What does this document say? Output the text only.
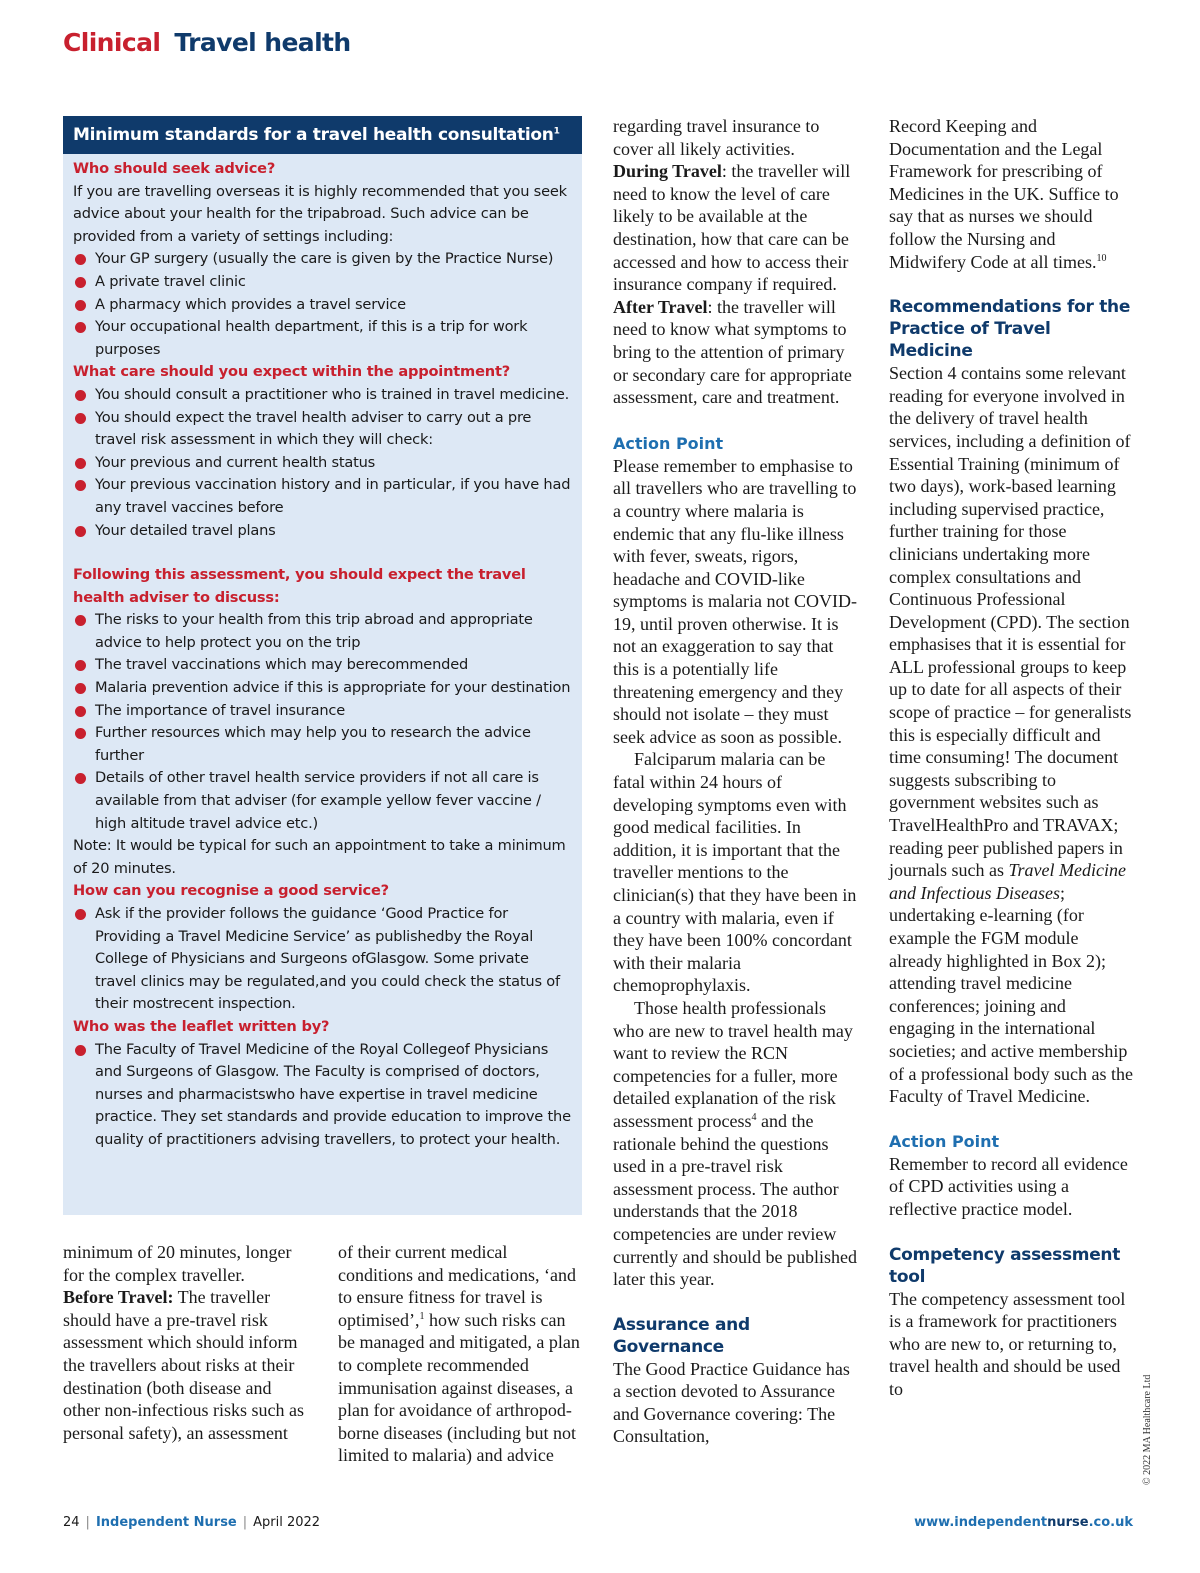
Clinical Travel health
Minimum standards for a travel health consultation$^1$
Who should seek advice?
If you are travelling overseas it is highly recommended that you seek advice about your health for the tripabroad. Such advice can be provided from a variety of settings including:
Your GP surgery (usually the care is given by the Practice Nurse)
A private travel clinic
A pharmacy which provides a travel service
Your occupational health department, if this is a trip for work purposes
What care should you expect within the appointment?
You should consult a practitioner who is trained in travel medicine.
You should expect the travel health adviser to carry out a pre travel risk assessment in which they will check:
Your previous and current health status
Your previous vaccination history and in particular, if you have had any travel vaccines before
Your detailed travel plans
Following this assessment, you should expect the travel health adviser to discuss:
The risks to your health from this trip abroad and appropriate advice to help protect you on the trip
The travel vaccinations which may berecommended
Malaria prevention advice if this is appropriate for your destination
The importance of travel insurance
Further resources which may help you to research the advice further
Details of other travel health service providers if not all care is available from that adviser (for example yellow fever vaccine / high altitude travel advice etc.)
Note: It would be typical for such an appointment to take a minimum of 20 minutes.
How can you recognise a good service?
Ask if the provider follows the guidance ‘Good Practice for Providing a Travel Medicine Service’ as publishedby the Royal College of Physicians and Surgeons ofGlasgow. Some private travel clinics may be regulated,and you could check the status of their mostrecent inspection.
Who was the leaflet written by?
The Faculty of Travel Medicine of the Royal Collegeof Physicians and Surgeons of Glasgow. The Faculty is comprised of doctors, nurses and pharmacistswho have expertise in travel medicine practice. They set standards and provide education to improve the quality of practitioners advising travellers, to protect your health.

minimum of 20 minutes, longer for the complex traveller.

Before Travel: The traveller should have a pre-travel risk assessment which should inform the travellers about risks at their destination (both disease and other non-infectious risks such as personal safety), an assessment

of their current medical conditions and medications, ‘and to ensure fitness for travel is optimised’,$^1$ how such risks can be managed and mitigated, a plan to complete recommended immunisation against diseases, a plan for avoidance of arthropod-borne diseases (including but not limited to malaria) and advice

regarding travel insurance to cover all likely activities.

During Travel: the traveller will need to know the level of care likely to be available at the destination, how that care can be accessed and how to access their insurance company if required.

After Travel: the traveller will need to know what symptoms to bring to the attention of primary or secondary care for appropriate assessment, care and treatment.

Action Point

Please remember to emphasise to all travellers who are travelling to a country where malaria is endemic that any flu-like illness with fever, sweats, rigors, headache and COVID-like symptoms is malaria not COVID-19, until proven otherwise. It is not an exaggeration to say that this is a potentially life threatening emergency and they should not isolate – they must seek advice as soon as possible.

Falciparum malaria can be fatal within 24 hours of developing symptoms even with good medical facilities. In addition, it is important that the traveller mentions to the clinician(s) that they have been in a country with malaria, even if they have been 100% concordant with their malaria chemoprophylaxis.

Those health professionals who are new to travel health may want to review the RCN competencies for a fuller, more detailed explanation of the risk assessment process$^4$ and the rationale behind the questions used in a pre-travel risk assessment process. The author understands that the 2018 competencies are under review currently and should be published later this year.

Assurance and Governance

The Good Practice Guidance has a section devoted to Assurance and Governance covering: The Consultation,

Record Keeping and Documentation and the Legal Framework for prescribing of Medicines in the UK. Suffice to say that as nurses we should follow the Nursing and Midwifery Code at all times.$^{10}$

Recommendations for the Practice of Travel Medicine

Section 4 contains some relevant reading for everyone involved in the delivery of travel health services, including a definition of Essential Training (minimum of two days), work-based learning including supervised practice, further training for those clinicians undertaking more complex consultations and Continuous Professional Development (CPD). The section emphasises that it is essential for ALL professional groups to keep up to date for all aspects of their scope of practice – for generalists this is especially difficult and time consuming! The document suggests subscribing to government websites such as TravelHealthPro and TRAVAX; reading peer published papers in journals such as Travel Medicine and Infectious Diseases; undertaking e-learning (for example the FGM module already highlighted in Box 2); attending travel medicine conferences; joining and engaging in the international societies; and active membership of a professional body such as the Faculty of Travel Medicine.

Action Point

Remember to record all evidence of CPD activities using a reflective practice model.

Competency assessment tool

The competency assessment tool is a framework for practitioners who are new to, or returning to, travel health and should be used to	© 2022 MA Healthcare Ltd
24 | Independent Nurse | April 2022	www.independentnurse.co.uk
